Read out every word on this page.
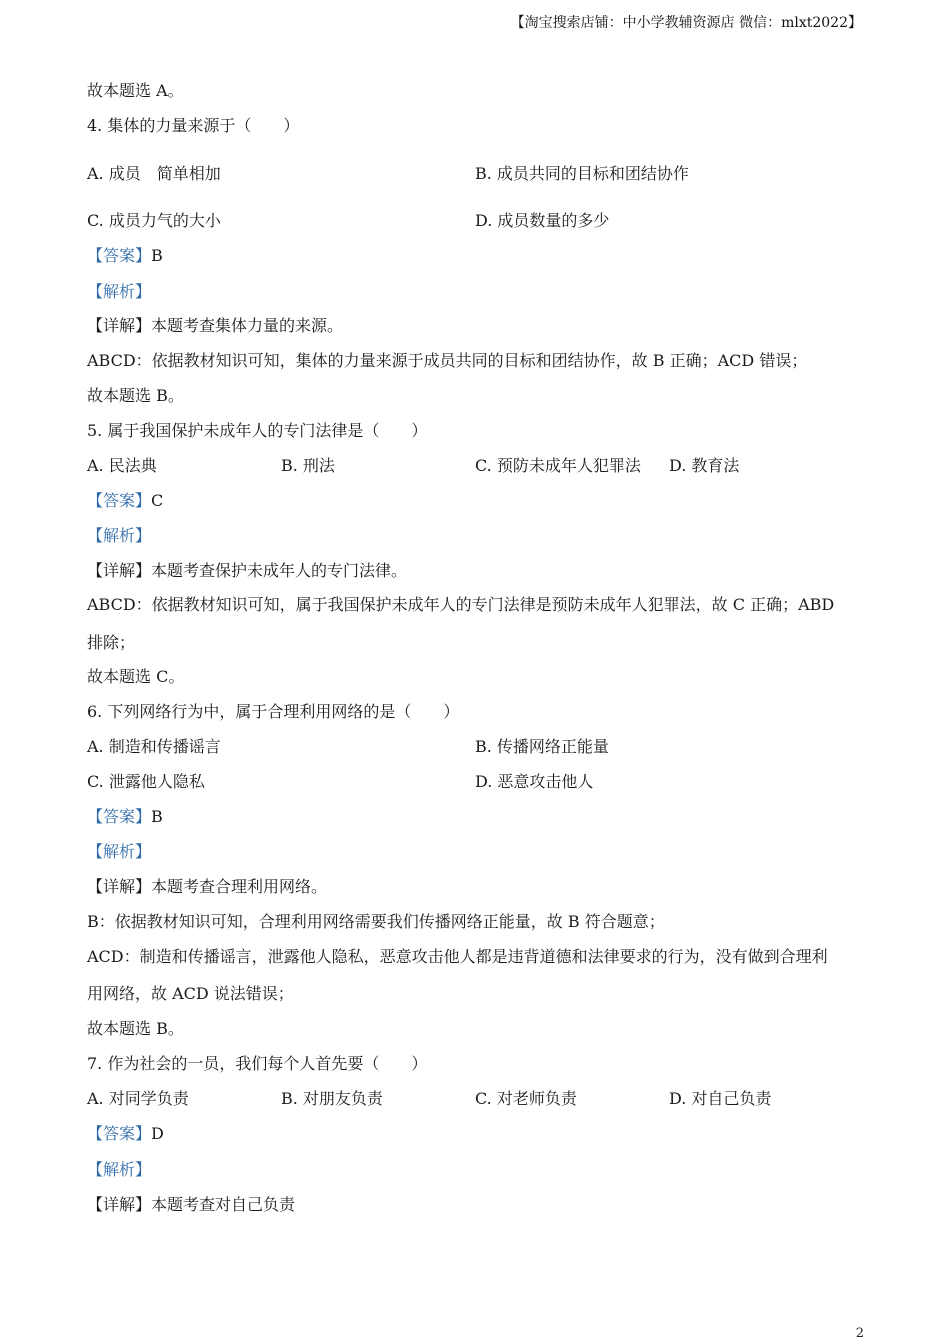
【淘宝搜索店铺：中小学教辅资源店 微信：mlxt2022】
故本题选 A。
4. 集体的力量来源于（　　）
A. 成员　简单相加	B. 成员共同的目标和团结协作
C. 成员力气的大小	D. 成员数量的多少
【答案】B
【解析】
【详解】本题考查集体力量的来源。
ABCD：依据教材知识可知，集体的力量来源于成员共同的目标和团结协作，故 B 正确；ACD 错误；
故本题选 B。
5. 属于我国保护未成年人的专门法律是（　　）
A. 民法典	B. 刑法	C. 预防未成年人犯罪法 D. 教育法
【答案】C
【解析】
【详解】本题考查保护未成年人的专门法律。
ABCD：依据教材知识可知，属于我国保护未成年人的专门法律是预防未成年人犯罪法，故 C 正确；ABD
排除；
故本题选 C。
6. 下列网络行为中，属于合理利用网络的是（　　）
A. 制造和传播谣言	B. 传播网络正能量
C. 泄露他人隐私	D. 恶意攻击他人
【答案】B
【解析】
【详解】本题考查合理利用网络。
B：依据教材知识可知，合理利用网络需要我们传播网络正能量，故 B 符合题意；
ACD：制造和传播谣言，泄露他人隐私，恶意攻击他人都是违背道德和法律要求的行为，没有做到合理利
用网络，故 ACD 说法错误；
故本题选 B。
7. 作为社会的一员，我们每个人首先要（　　）
A. 对同学负责	B. 对朋友负责	C. 对老师负责	D. 对自己负责
【答案】D
【解析】
【详解】本题考查对自己负责
2
